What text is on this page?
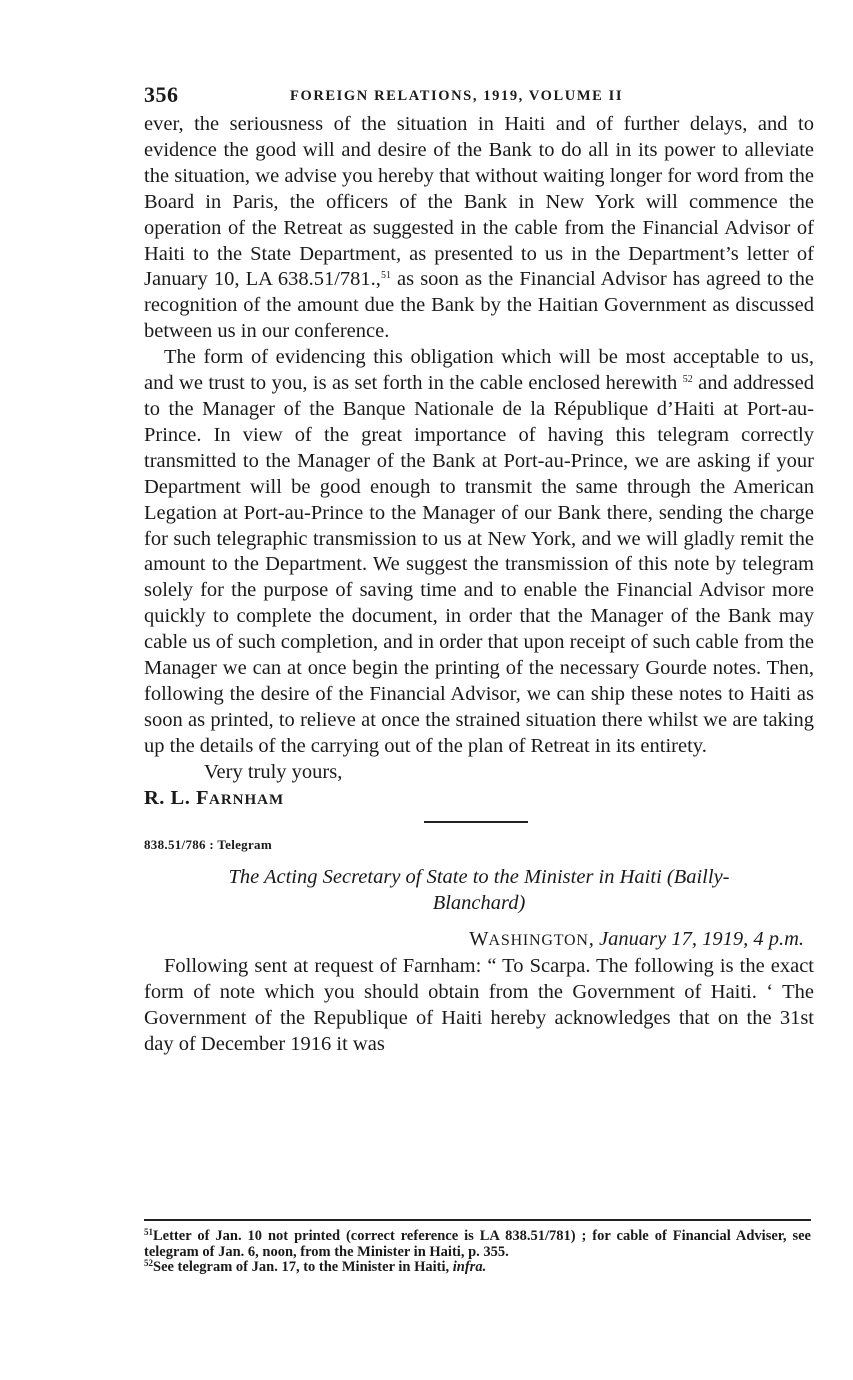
356	FOREIGN RELATIONS, 1919, VOLUME II

ever, the seriousness of the situation in Haiti and of further delays, and to evidence the good will and desire of the Bank to do all in its power to alleviate the situation, we advise you hereby that without waiting longer for word from the Board in Paris, the officers of the Bank in New York will commence the operation of the Retreat as suggested in the cable from the Financial Advisor of Haiti to the State Department, as presented to us in the Department’s letter of January 10, LA 638.51/781.,$^{51}$ as soon as the Financial Advisor has agreed to the recognition of the amount due the Bank by the Haitian Government as discussed between us in our conference.

The form of evidencing this obligation which will be most acceptable to us, and we trust to you, is as set forth in the cable enclosed herewith $^{52}$ and addressed to the Manager of the Banque Nationale de la République d’Haiti at Port-au-Prince. In view of the great importance of having this telegram correctly transmitted to the Manager of the Bank at Port-au-Prince, we are asking if your Department will be good enough to transmit the same through the American Legation at Port-au-Prince to the Manager of our Bank there, sending the charge for such telegraphic transmission to us at New York, and we will gladly remit the amount to the Department. We suggest the transmission of this note by telegram solely for the purpose of saving time and to enable the Financial Advisor more quickly to complete the document, in order that the Manager of the Bank may cable us of such completion, and in order that upon receipt of such cable from the Manager we can at once begin the printing of the necessary Gourde notes. Then, following the desire of the Financial Advisor, we can ship these notes to Haiti as soon as printed, to relieve at once the strained situation there whilst we are taking up the details of the carrying out of the plan of Retreat in its entirety.

Very truly yours,

R. L. FARNHAM

838.51/786 : Telegram
The Acting Secretary of State to the Minister in Haiti (Bailly-
Blanchard)
WASHINGTON, January 17, 1919, 4 p.m.

Following sent at request of Farnham: “ To Scarpa. The following is the exact form of note which you should obtain from the Government of Haiti. ‘ The Government of the Republique of Haiti hereby acknowledges that on the 31st day of December 1916 it was

$^{51}$Letter of Jan. 10 not printed (correct reference is LA 838.51/781) ; for cable of Financial Adviser, see telegram of Jan. 6, noon, from the Minister in Haiti, p. 355.

$^{52}$See telegram of Jan. 17, to the Minister in Haiti, infra.
